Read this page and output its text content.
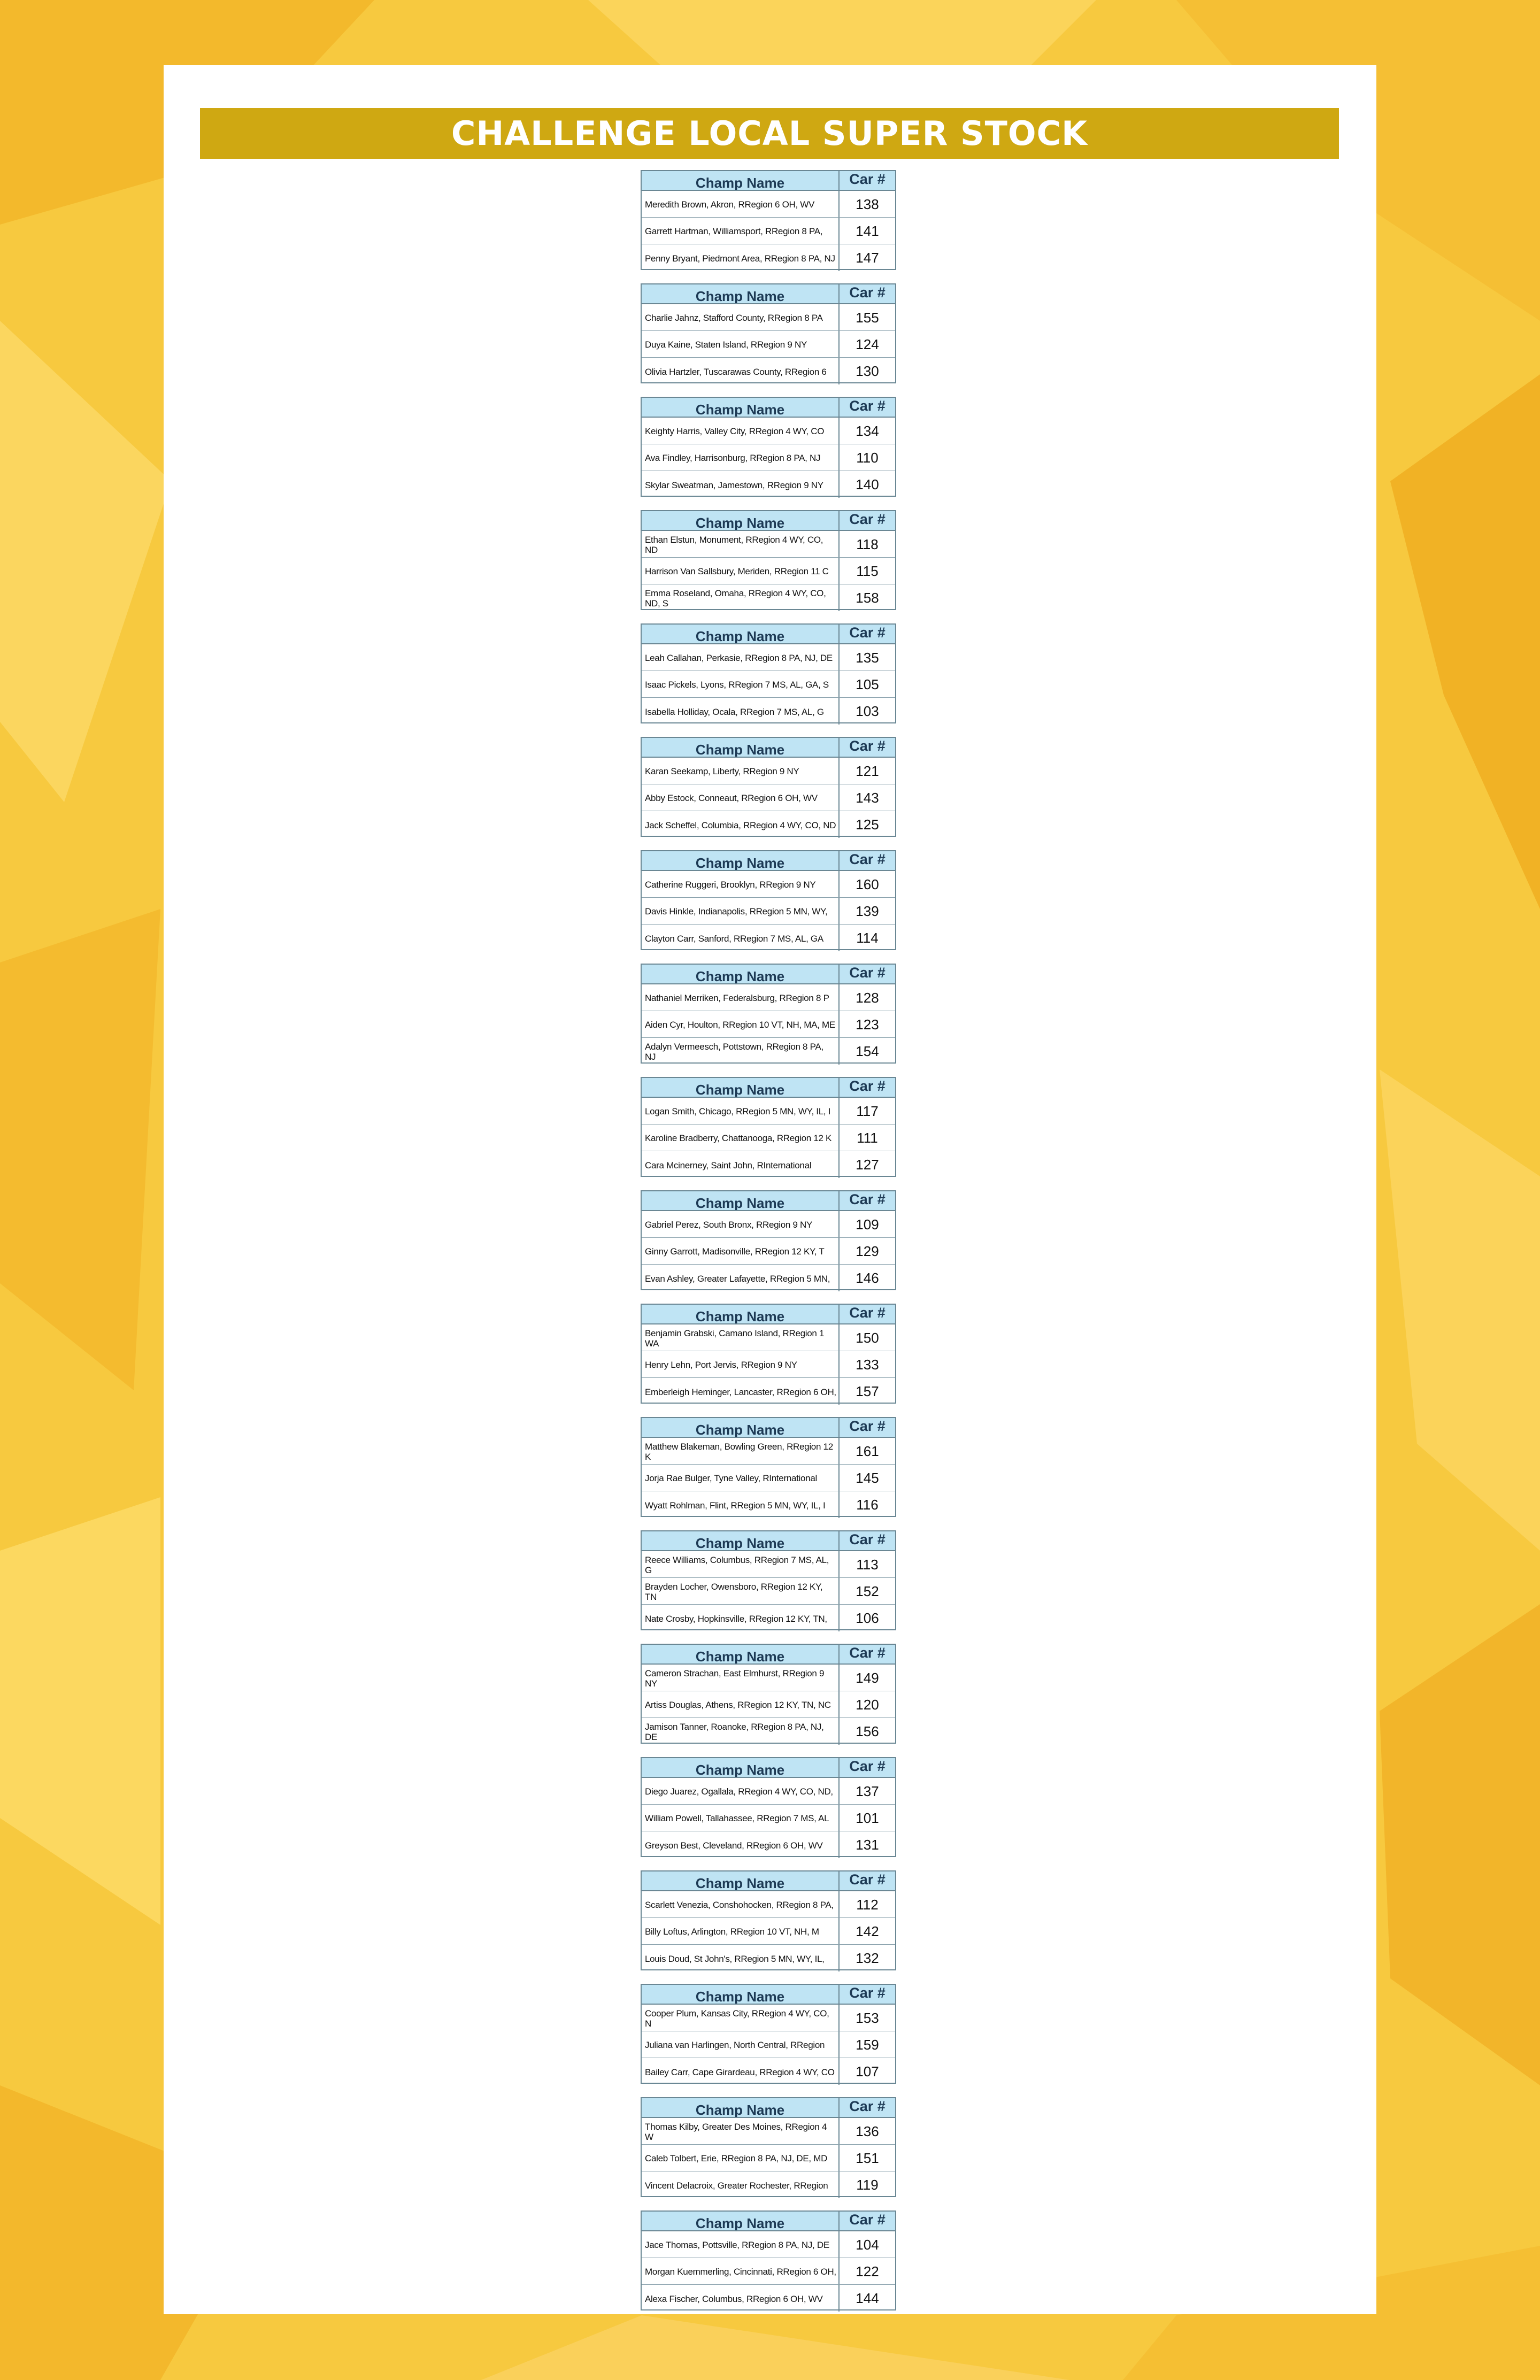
CHALLENGE LOCAL SUPER STOCK
Champ Name	Car #
Meredith Brown, Akron, RRegion 6 OH, WV	138
Garrett Hartman, Williamsport, RRegion 8 PA,	141
Penny Bryant, Piedmont Area, RRegion 8 PA, NJ	147
Champ Name	Car #
Charlie Jahnz, Stafford County, RRegion 8 PA	155
Duya Kaine, Staten Island, RRegion 9 NY	124
Olivia Hartzler, Tuscarawas County, RRegion 6	130
Champ Name	Car #
Keighty Harris, Valley City, RRegion 4 WY, CO	134
Ava Findley, Harrisonburg, RRegion 8 PA, NJ	110
Skylar Sweatman, Jamestown, RRegion 9 NY	140
Champ Name	Car #
Ethan Elstun, Monument, RRegion 4 WY, CO, ND	118
Harrison Van Sallsbury, Meriden, RRegion 11 C	115
Emma Roseland, Omaha, RRegion 4 WY, CO, ND, S	158
Champ Name	Car #
Leah Callahan, Perkasie, RRegion 8 PA, NJ, DE	135
Isaac Pickels, Lyons, RRegion 7 MS, AL, GA, S	105
Isabella Holliday, Ocala, RRegion 7 MS, AL, G	103
Champ Name	Car #
Karan Seekamp, Liberty, RRegion 9 NY	121
Abby Estock, Conneaut, RRegion 6 OH, WV	143
Jack Scheffel, Columbia, RRegion 4 WY, CO, ND	125
Champ Name	Car #
Catherine Ruggeri, Brooklyn, RRegion 9 NY	160
Davis Hinkle, Indianapolis, RRegion 5 MN, WY,	139
Clayton Carr, Sanford, RRegion 7 MS, AL, GA	114
Champ Name	Car #
Nathaniel Merriken, Federalsburg, RRegion 8 P	128
Aiden Cyr, Houlton, RRegion 10 VT, NH, MA, ME	123
Adalyn Vermeesch, Pottstown, RRegion 8 PA, NJ	154
Champ Name	Car #
Logan Smith, Chicago, RRegion 5 MN, WY, IL, I	117
Karoline Bradberry, Chattanooga, RRegion 12 K	111
Cara Mcinerney, Saint John, RInternational	127
Champ Name	Car #
Gabriel Perez, South Bronx, RRegion 9 NY	109
Ginny Garrott, Madisonville, RRegion 12 KY, T	129
Evan Ashley, Greater Lafayette, RRegion 5 MN,	146
Champ Name	Car #
Benjamin Grabski, Camano Island, RRegion 1 WA	150
Henry Lehn, Port Jervis, RRegion 9 NY	133
Emberleigh Heminger, Lancaster, RRegion 6 OH,	157
Champ Name	Car #
Matthew Blakeman, Bowling Green, RRegion 12 K	161
Jorja Rae Bulger, Tyne Valley, RInternational	145
Wyatt Rohlman, Flint, RRegion 5 MN, WY, IL, I	116
Champ Name	Car #
Reece Williams, Columbus, RRegion 7 MS, AL, G	113
Brayden Locher, Owensboro, RRegion 12 KY, TN	152
Nate Crosby, Hopkinsville, RRegion 12 KY, TN,	106
Champ Name	Car #
Cameron Strachan, East Elmhurst, RRegion 9 NY	149
Artiss Douglas, Athens, RRegion 12 KY, TN, NC	120
Jamison Tanner, Roanoke, RRegion 8 PA, NJ, DE	156
Champ Name	Car #
Diego Juarez, Ogallala, RRegion 4 WY, CO, ND,	137
William Powell, Tallahassee, RRegion 7 MS, AL	101
Greyson Best, Cleveland, RRegion 6 OH, WV	131
Champ Name	Car #
Scarlett Venezia, Conshohocken, RRegion 8 PA,	112
Billy Loftus, Arlington, RRegion 10 VT, NH, M	142
Louis Doud, St John's, RRegion 5 MN, WY, IL,	132
Champ Name	Car #
Cooper Plum, Kansas City, RRegion 4 WY, CO, N	153
Juliana van Harlingen, North Central, RRegion	159
Bailey Carr, Cape Girardeau, RRegion 4 WY, CO	107
Champ Name	Car #
Thomas Kilby, Greater Des Moines, RRegion 4 W	136
Caleb Tolbert, Erie, RRegion 8 PA, NJ, DE, MD	151
Vincent Delacroix, Greater Rochester, RRegion	119
Champ Name	Car #
Jace Thomas, Pottsville, RRegion 8 PA, NJ, DE	104
Morgan Kuemmerling, Cincinnati, RRegion 6 OH,	122
Alexa Fischer, Columbus, RRegion 6 OH, WV	144
